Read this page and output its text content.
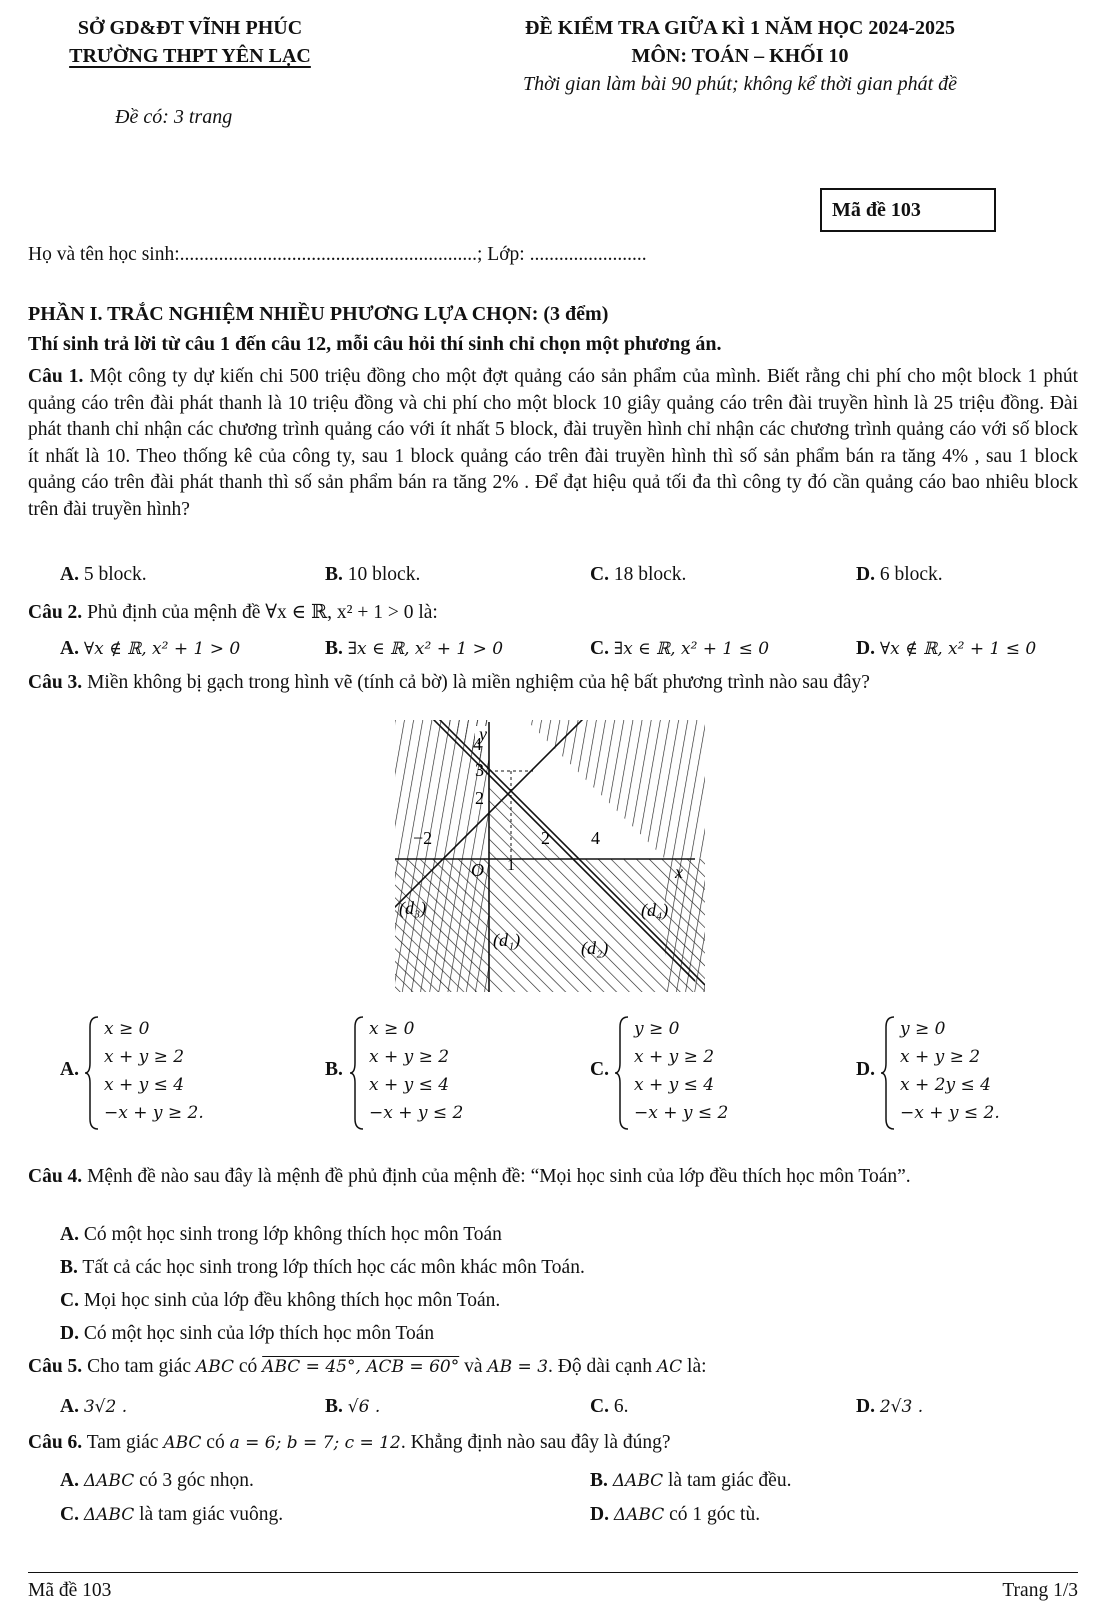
SỞ GD&ĐT VĨNH PHÚC
TRƯỜNG THPT YÊN LẠC
Đề có: 3 trang
ĐỀ KIỂM TRA GIỮA KÌ 1 NĂM HỌC 2024-2025
MÔN: TOÁN – KHỐI 10
Thời gian làm bài 90 phút; không kể thời gian phát đề
Mã đề 103
Họ và tên học sinh:.............................................................; Lớp: ........................
PHẦN I. TRẮC NGHIỆM NHIỀU PHƯƠNG LỰA CHỌN: (3 đểm)
Thí sinh trả lời từ câu 1 đến câu 12, mỗi câu hỏi thí sinh chỉ chọn một phương án.
Câu 1. Một công ty dự kiến chi 500 triệu đồng cho một đợt quảng cáo sản phẩm của mình. Biết rằng chi phí cho một block 1 phút quảng cáo trên đài phát thanh là 10 triệu đồng và chi phí cho một block 10 giây quảng cáo trên đài truyền hình là 25 triệu đồng. Đài phát thanh chỉ nhận các chương trình quảng cáo với ít nhất 5 block, đài truyền hình chỉ nhận các chương trình quảng cáo với số block ít nhất là 10. Theo thống kê của công ty, sau 1 block quảng cáo trên đài truyền hình thì số sản phẩm bán ra tăng 4% , sau 1 block quảng cáo trên đài phát thanh thì số sản phẩm bán ra tăng 2% . Để đạt hiệu quả tối đa thì công ty đó cần quảng cáo bao nhiêu block trên đài truyền hình?
A. 5 block.	B. 10 block.	C. 18 block.	D. 6 block.
Câu 2. Phủ định của mệnh đề ∀x ∈ ℝ, x² + 1 > 0 là:
A. ∀x ∉ ℝ, x² + 1 > 0	B. ∃x ∈ ℝ, x² + 1 > 0	C. ∃x ∈ ℝ, x² + 1 ≤ 0	D. ∀x ∉ ℝ, x² + 1 ≤ 0
Câu 3. Miền không bị gạch trong hình vẽ (tính cả bờ) là miền nghiệm của hệ bất phương trình nào sau đây?
y
x
O
4
3
2
−2	2 4
1
(d₃)
(d₁)	(d₂)
(d₄)
A.
x ≥ 0
x + y ≥ 2
x + y ≤ 4
−x + y ≥ 2.
B.
x ≥ 0
x + y ≥ 2
x + y ≤ 4
−x + y ≤ 2
C.
y ≥ 0
x + y ≥ 2
x + y ≤ 4
−x + y ≤ 2
D.
y ≥ 0
x + y ≥ 2
x + 2y ≤ 4
−x + y ≤ 2.
Câu 4. Mệnh đề nào sau đây là mệnh đề phủ định của mệnh đề: “Mọi học sinh của lớp đều thích học môn Toán”.
A. Có một học sinh trong lớp không thích học môn Toán
B. Tất cả các học sinh trong lớp thích học các môn khác môn Toán.
C. Mọi học sinh của lớp đều không thích học môn Toán.
D. Có một học sinh của lớp thích học môn Toán
Câu 5. Cho tam giác ABC có ABC = 45°, ACB = 60° và AB = 3. Độ dài cạnh AC là:
A. 3√2 .	B. √6 .	C. 6.	D. 2√3 .
Câu 6. Tam giác ABC có a = 6; b = 7; c = 12. Khẳng định nào sau đây là đúng?
A. ΔABC có 3 góc nhọn.	B. ΔABC là tam giác đều.
C. ΔABC là tam giác vuông.	D. ΔABC có 1 góc tù.
Mã đề 103	Trang 1/3
